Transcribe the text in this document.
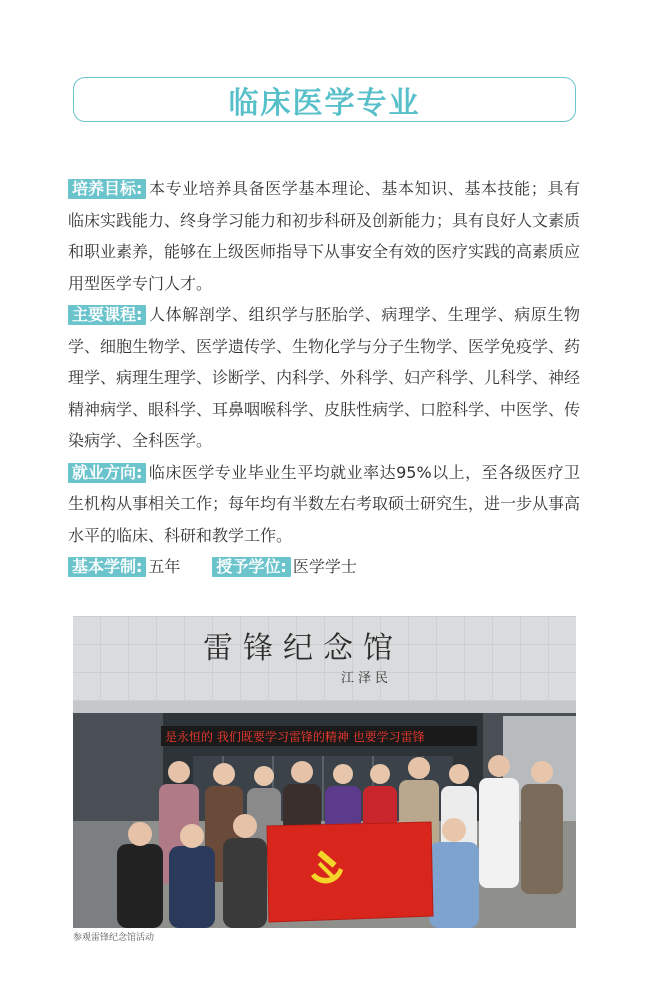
临床医学专业

培养目标: 本专业培养具备医学基本理论、基本知识、基本技能；具有临床实践能力、终身学习能力和初步科研及创新能力；具有良好人文素质和职业素养，能够在上级医师指导下从事安全有效的医疗实践的高素质应用型医学专门人才。

主要课程: 人体解剖学、组织学与胚胎学、病理学、生理学、病原生物学、细胞生物学、医学遗传学、生物化学与分子生物学、医学免疫学、药理学、病理生理学、诊断学、内科学、外科学、妇产科学、儿科学、神经精神病学、眼科学、耳鼻咽喉科学、皮肤性病学、口腔科学、中医学、传染病学、全科医学。

就业方向: 临床医学专业毕业生平均就业率达95%以上，至各级医疗卫生机构从事相关工作；每年均有半数左右考取硕士研究生，进一步从事高水平的临床、科研和教学工作。

基本学制: 五年 授予学位: 医学学士
雷锋纪念馆
江泽民
是永恒的 我们既要学习雷锋的精神 也要学习雷锋
参观雷锋纪念馆活动
